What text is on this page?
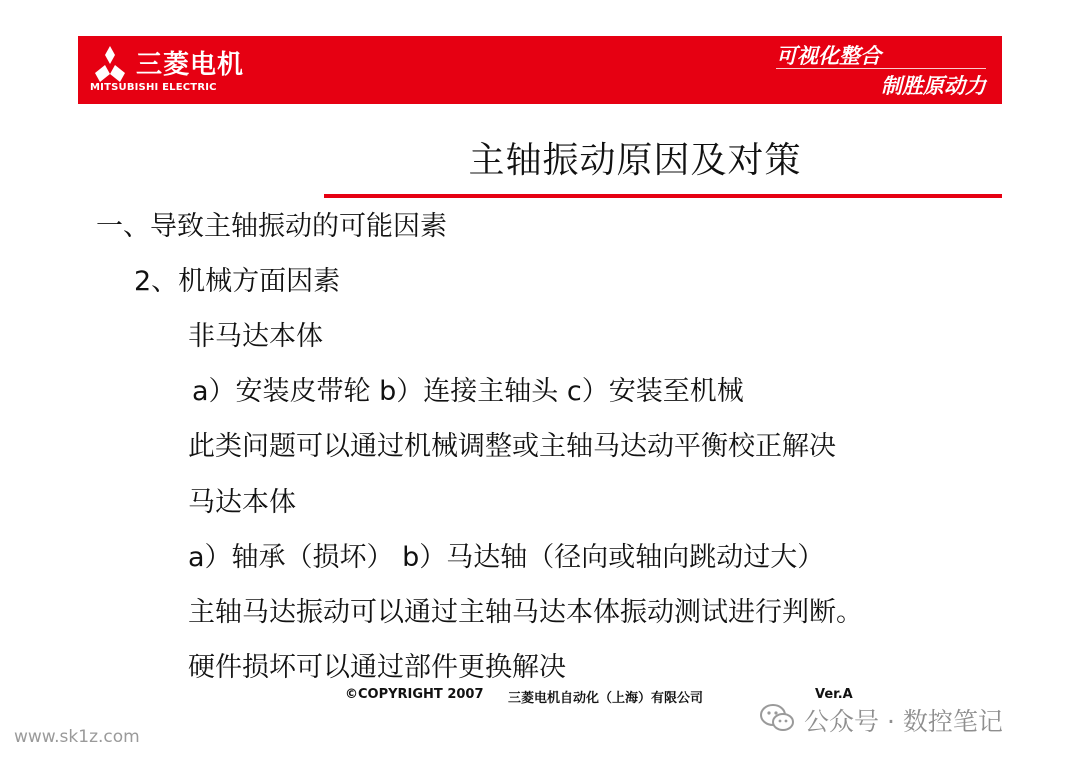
三菱电机
MITSUBISHI ELECTRIC
可视化整合
制胜原动力
主轴振动原因及对策
一、导致主轴振动的可能因素
2、机械方面因素
非马达本体
a）安装皮带轮 b）连接主轴头 c）安装至机械
此类问题可以通过机械调整或主轴马达动平衡校正解决
马达本体
a）轴承（损坏） b）马达轴（径向或轴向跳动过大）
主轴马达振动可以通过主轴马达本体振动测试进行判断。
硬件损坏可以通过部件更换解决
©COPYRIGHT 2007 三菱电机自动化（上海）有限公司	Ver.A
www.sk1z.com
公众号 · 数控笔记
